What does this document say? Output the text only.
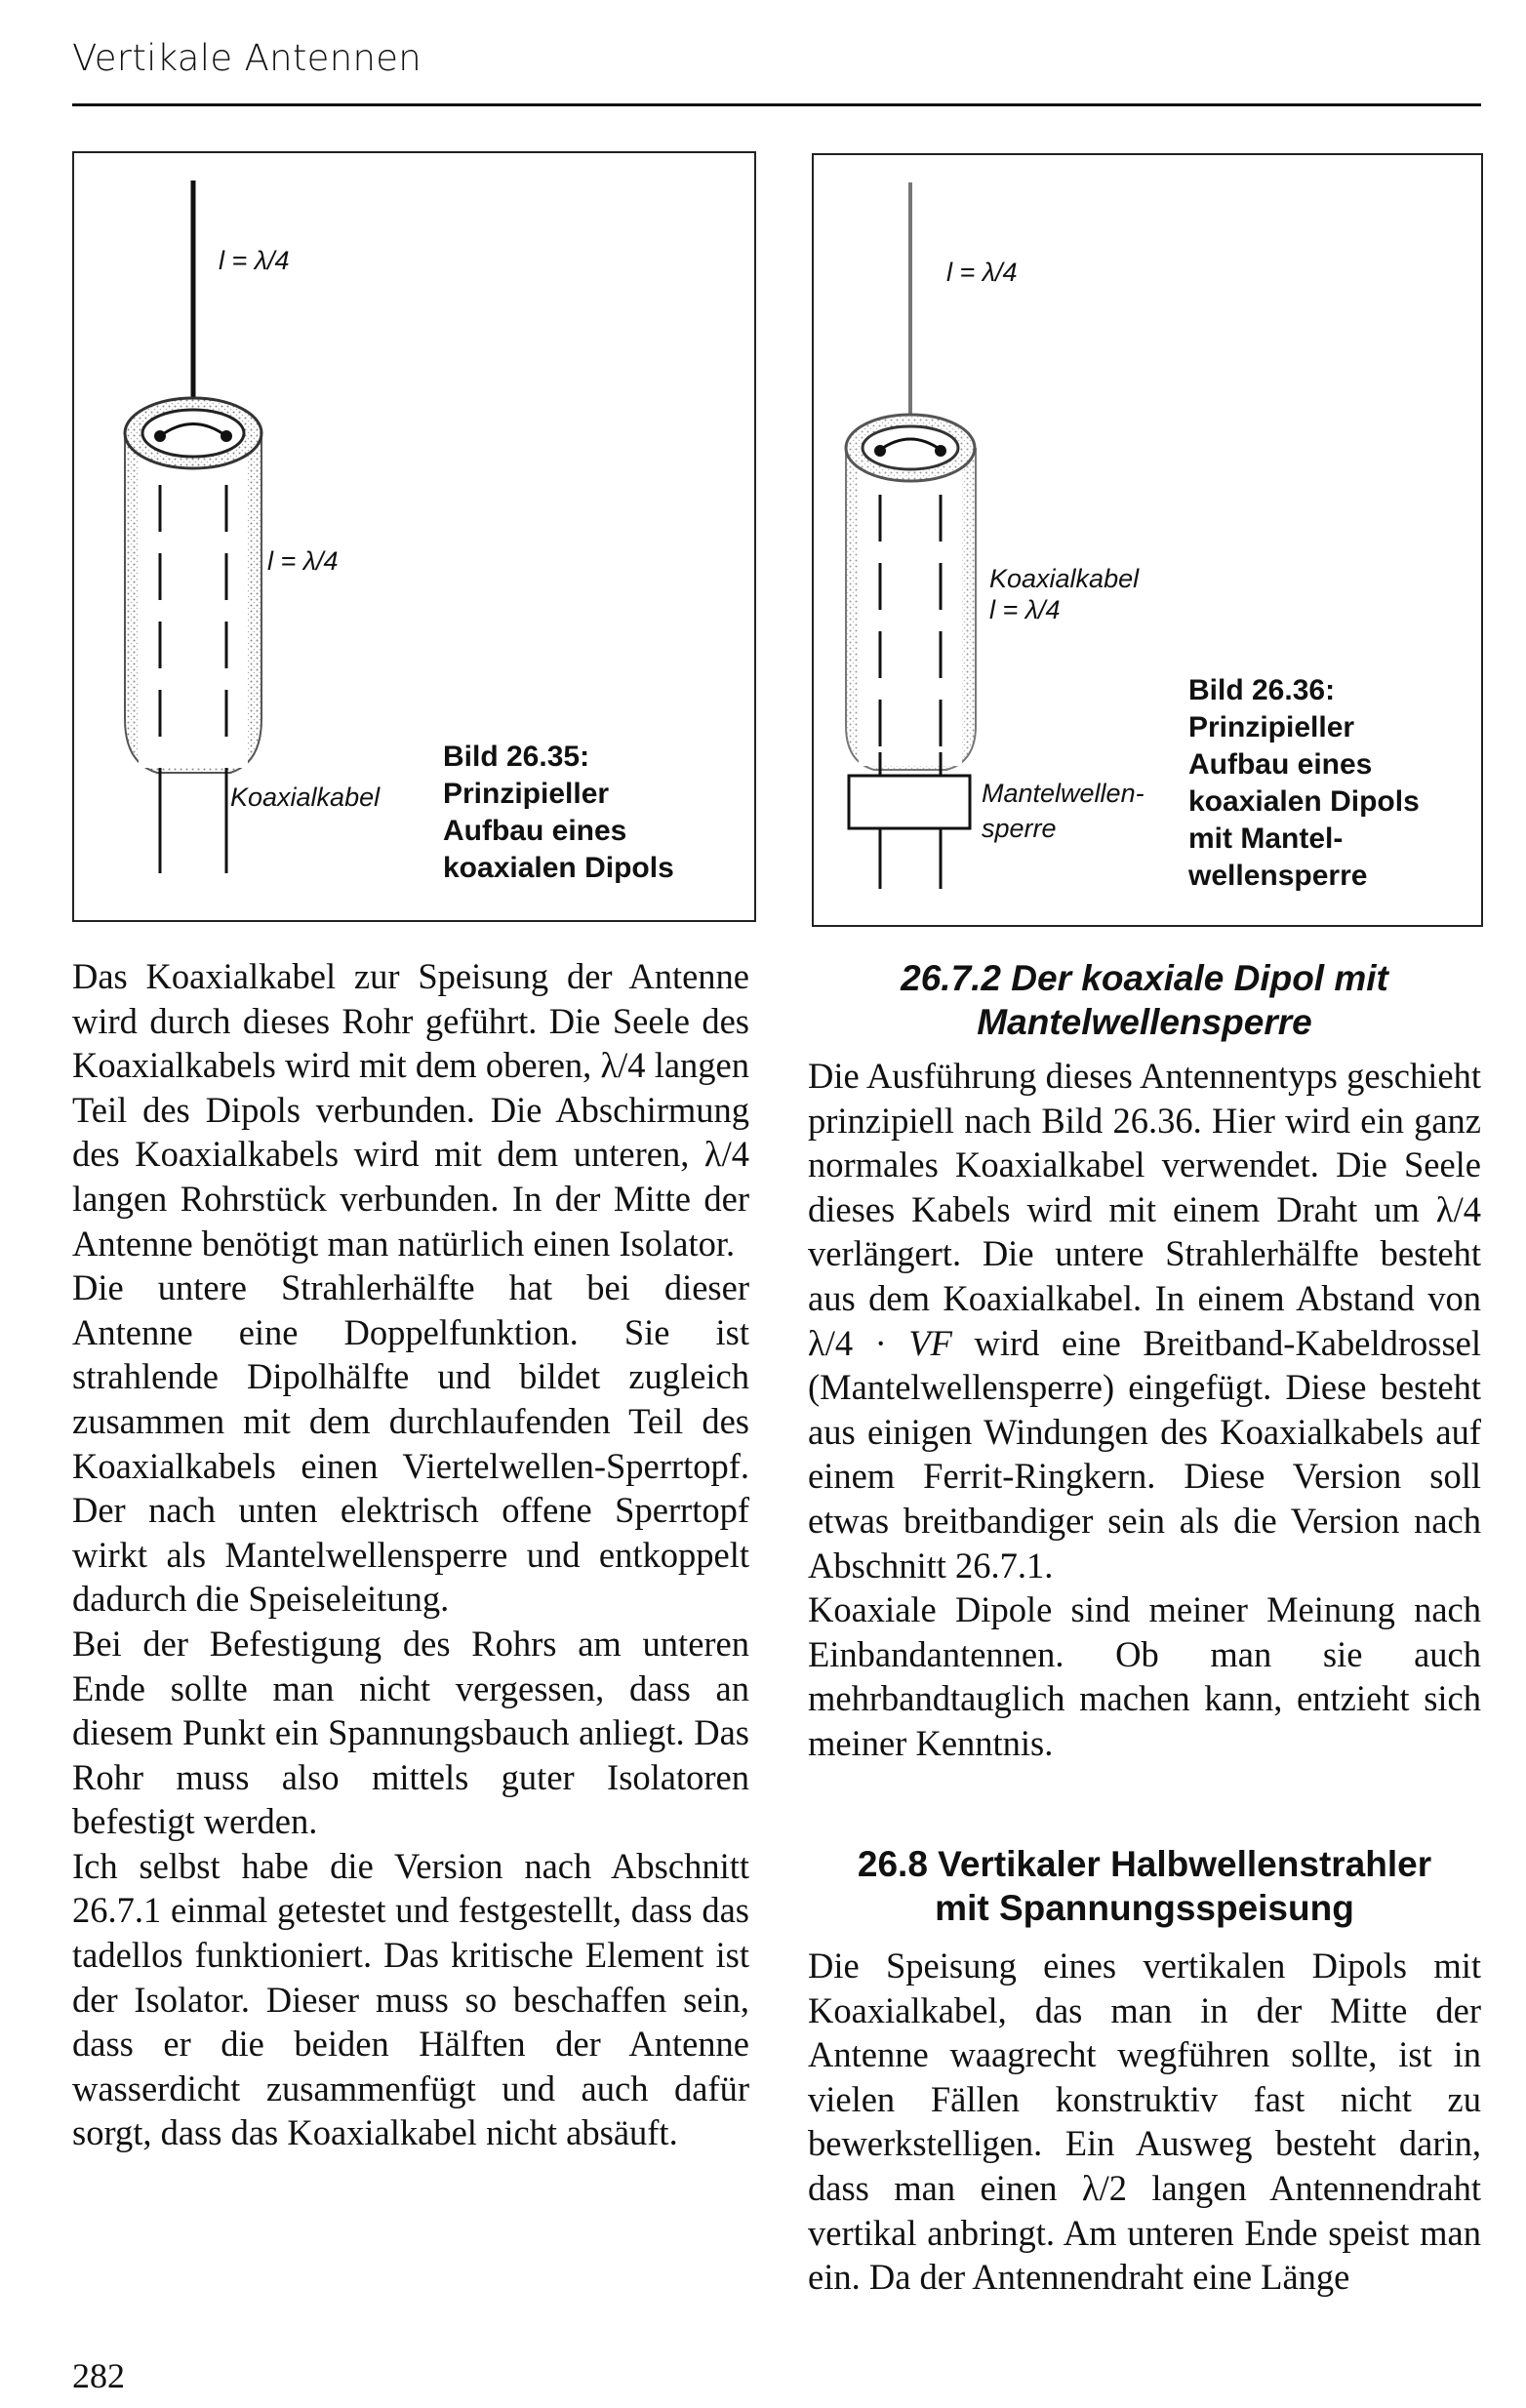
Vertikale Antennen
l = λ/4
l = λ/4
Koaxialkabel
Bild 26.35:
Prinzipieller
Aufbau eines
koaxialen Dipols
l = λ/4
Koaxialkabel
l = λ/4
Mantelwellen-
sperre
Bild 26.36:
Prinzipieller
Aufbau eines
koaxialen Dipols
mit Mantel-
wellensperre

Das Koaxialkabel zur Speisung der Antenne wird durch dieses Rohr geführt. Die Seele des Koaxialkabels wird mit dem oberen, λ/4 langen Teil des Dipols verbunden. Die Abschirmung des Koaxialkabels wird mit dem unteren, λ/4 langen Rohrstück verbunden. In der Mitte der Antenne benötigt man natürlich einen Isolator.

Die untere Strahlerhälfte hat bei dieser Antenne eine Doppelfunktion. Sie ist strahlende Dipolhälfte und bildet zugleich zusammen mit dem durchlaufenden Teil des Koaxialkabels einen Viertelwellen-Sperrtopf. Der nach unten elektrisch offene Sperrtopf wirkt als Mantelwellensperre und entkoppelt dadurch die Speiseleitung.

Bei der Befestigung des Rohrs am unteren Ende sollte man nicht vergessen, dass an diesem Punkt ein Spannungsbauch anliegt. Das Rohr muss also mittels guter Isolatoren befestigt werden.

Ich selbst habe die Version nach Abschnitt 26.7.1 einmal getestet und festgestellt, dass das tadellos funktioniert. Das kritische Element ist der Isolator. Dieser muss so beschaffen sein, dass er die beiden Hälften der Antenne wasserdicht zusammenfügt und auch dafür sorgt, dass das Koaxialkabel nicht absäuft.

26.7.2 Der koaxiale Dipol mit
Mantelwellensperre

Die Ausführung dieses Antennentyps geschieht prinzipiell nach Bild 26.36. Hier wird ein ganz normales Koaxialkabel verwendet. Die Seele dieses Kabels wird mit einem Draht um λ/4 verlängert. Die untere Strahlerhälfte besteht aus dem Koaxialkabel. In einem Abstand von λ/4 · VF wird eine Breitband-Kabeldrossel (Mantelwellensperre) eingefügt. Diese besteht aus einigen Windungen des Koaxialkabels auf einem Ferrit-Ringkern. Diese Version soll etwas breitbandiger sein als die Version nach Abschnitt 26.7.1.

Koaxiale Dipole sind meiner Meinung nach Einbandantennen. Ob man sie auch mehrbandtauglich machen kann, entzieht sich meiner Kenntnis.

26.8 Vertikaler Halbwellenstrahler
mit Spannungsspeisung

Die Speisung eines vertikalen Dipols mit Koaxialkabel, das man in der Mitte der Antenne waagrecht wegführen sollte, ist in vielen Fällen konstruktiv fast nicht zu bewerkstelligen. Ein Ausweg besteht darin, dass man einen λ/2 langen Antennendraht vertikal anbringt. Am unteren Ende speist man ein. Da der Antennendraht eine Länge

282
